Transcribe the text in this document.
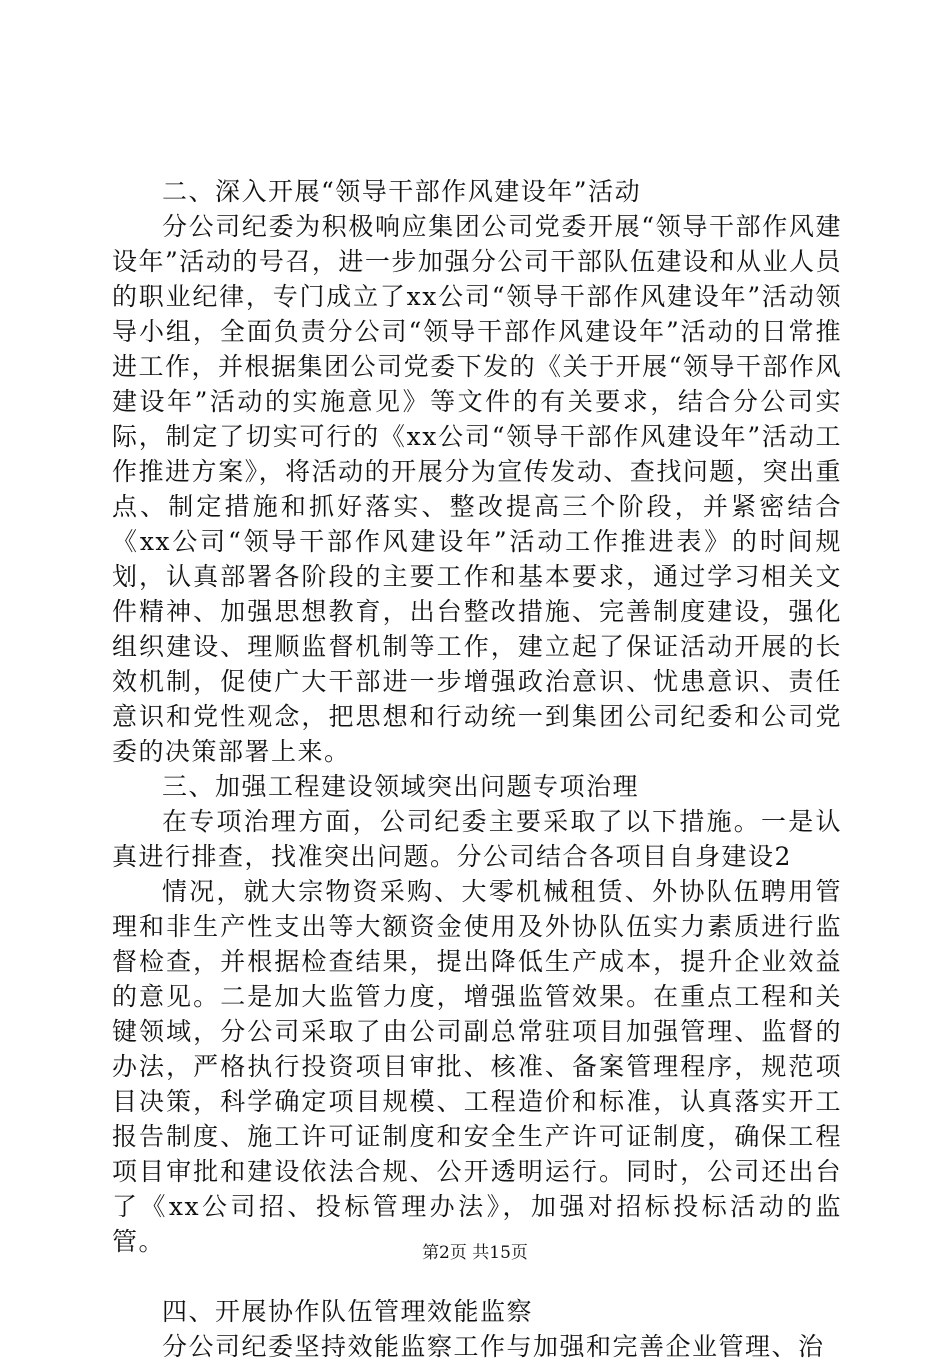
二、深入开展“领导干部作风建设年”活动

分公司纪委为积极响应集团公司党委开展“领导干部作风建设年”活动的号召，进一步加强分公司干部队伍建设和从业人员的职业纪律，专门成立了xx公司“领导干部作风建设年”活动领导小组，全面负责分公司“领导干部作风建设年”活动的日常推进工作，并根据集团公司党委下发的《关于开展“领导干部作风建设年”活动的实施意见》等文件的有关要求，结合分公司实际，制定了切实可行的《xx公司“领导干部作风建设年”活动工作推进方案》，将活动的开展分为宣传发动、查找问题，突出重点、制定措施和抓好落实、整改提高三个阶段，并紧密结合《xx公司“领导干部作风建设年”活动工作推进表》的时间规划，认真部署各阶段的主要工作和基本要求，通过学习相关文件精神、加强思想教育，出台整改措施、完善制度建设，强化组织建设、理顺监督机制等工作，建立起了保证活动开展的长效机制，促使广大干部进一步增强政治意识、忧患意识、责任意识和党性观念，把思想和行动统一到集团公司纪委和公司党委的决策部署上来。

三、加强工程建设领域突出问题专项治理

在专项治理方面，公司纪委主要采取了以下措施。一是认真进行排查，找准突出问题。分公司结合各项目自身建设2

情况，就大宗物资采购、大零机械租赁、外协队伍聘用管理和非生产性支出等大额资金使用及外协队伍实力素质进行监督检查，并根据检查结果，提出降低生产成本，提升企业效益的意见。二是加大监管力度，增强监管效果。在重点工程和关键领域，分公司采取了由公司副总常驻项目加强管理、监督的办法，严格执行投资项目审批、核准、备案管理程序，规范项目决策，科学确定项目规模、工程造价和标准，认真落实开工报告制度、施工许可证制度和安全生产许可证制度，确保工程项目审批和建设依法合规、公开透明运行。同时，公司还出台了《xx公司招、投标管理办法》，加强对招标投标活动的监管。

四、开展协作队伍管理效能监察

分公司纪委坚持效能监察工作与加强和完善企业管理、治

第2页 共15页
